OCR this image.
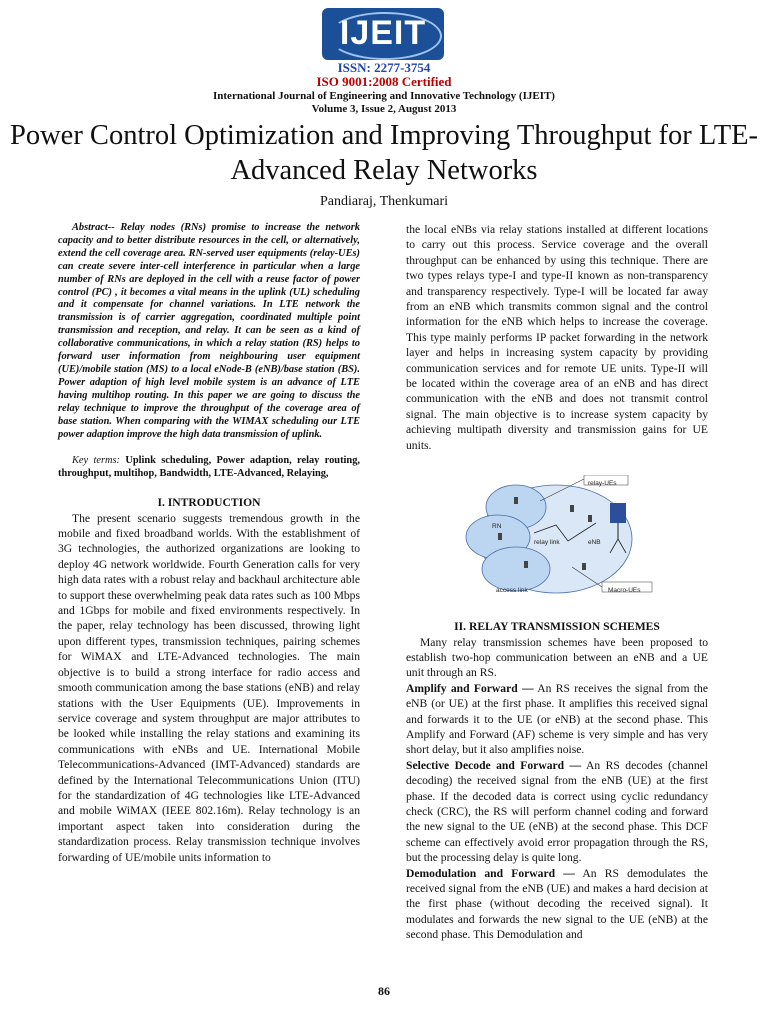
IJEIT
ISSN: 2277-3754
ISO 9001:2008 Certified
International Journal of Engineering and Innovative Technology (IJEIT)
Volume 3, Issue 2, August 2013
Power Control Optimization and Improving Throughput for LTE-Advanced Relay Networks
Pandiaraj, Thenkumari

Abstract-- Relay nodes (RNs) promise to increase the network capacity and to better distribute resources in the cell, or alternatively, extend the cell coverage area. RN-served user equipments (relay-UEs) can create severe inter-cell interference in particular when a large number of RNs are deployed in the cell with a reuse factor of power control (PC) , it becomes a vital means in the uplink (UL) scheduling and it compensate for channel variations. In LTE network the transmission is of carrier aggregation, coordinated multiple point transmission and reception, and relay. It can be seen as a kind of collaborative communications, in which a relay station (RS) helps to forward user information from neighbouring user equipment (UE)/mobile station (MS) to a local eNode-B (eNB)/base station (BS). Power adaption of high level mobile system is an advance of LTE having multihop routing. In this paper we are going to discuss the relay technique to improve the throughput of the coverage area of base station. When comparing with the WIMAX scheduling our LTE power adaption improve the high data transmission of uplink.

Key terms: Uplink scheduling, Power adaption, relay routing, throughput, multihop, Bandwidth, LTE-Advanced, Relaying,

I. INTRODUCTION

The present scenario suggests tremendous growth in the mobile and fixed broadband worlds. With the establishment of 3G technologies, the authorized organizations are looking to deploy 4G network worldwide. Fourth Generation calls for very high data rates with a robust relay and backhaul architecture able to support these overwhelming peak data rates such as 100 Mbps and 1Gbps for mobile and fixed environments respectively. In the paper, relay technology has been discussed, throwing light upon different types, transmission techniques, pairing schemes for WiMAX and LTE-Advanced technologies. The main objective is to build a strong interface for radio access and smooth communication among the base stations (eNB) and relay stations with the User Equipments (UE). Improvements in service coverage and system throughput are major attributes to be looked while installing the relay stations and examining its communications with eNBs and UE. International Mobile Telecommunications-Advanced (IMT-Advanced) standards are defined by the International Telecommunications Union (ITU) for the standardization of 4G technologies like LTE-Advanced and mobile WiMAX (IEEE 802.16m). Relay technology is an important aspect taken into consideration during the standardization process. Relay transmission technique involves forwarding of UE/mobile units information to

the local eNBs via relay stations installed at different locations to carry out this process. Service coverage and the overall throughput can be enhanced by using this technique. There are two types relays type-I and type-II known as non-transparency and transparency respectively. Type-I will be located far away from an eNB which transmits common signal and the control information for the eNB which helps to increase the coverage. This type mainly performs IP packet forwarding in the network layer and helps in increasing system capacity by providing communication services and for remote UE units. Type-II will be located within the coverage area of an eNB and has direct communication with the eNB and does not transmit control signal. The main objective is to increase system capacity by achieving multipath diversity and transmission gains for UE units.

relay-UEs
relay link	eNB
access link	Macro-UEs
RN

II. RELAY TRANSMISSION SCHEMES

Many relay transmission schemes have been proposed to establish two-hop communication between an eNB and a UE unit through an RS.

Amplify and Forward — An RS receives the signal from the eNB (or UE) at the first phase. It amplifies this received signal and forwards it to the UE (or eNB) at the second phase. This Amplify and Forward (AF) scheme is very simple and has very short delay, but it also amplifies noise.

Selective Decode and Forward — An RS decodes (channel decoding) the received signal from the eNB (UE) at the first phase. If the decoded data is correct using cyclic redundancy check (CRC), the RS will perform channel coding and forward the new signal to the UE (eNB) at the second phase. This DCF scheme can effectively avoid error propagation through the RS, but the processing delay is quite long.

Demodulation and Forward — An RS demodulates the received signal from the eNB (UE) and makes a hard decision at the first phase (without decoding the received signal). It modulates and forwards the new signal to the UE (eNB) at the second phase. This Demodulation and

86
